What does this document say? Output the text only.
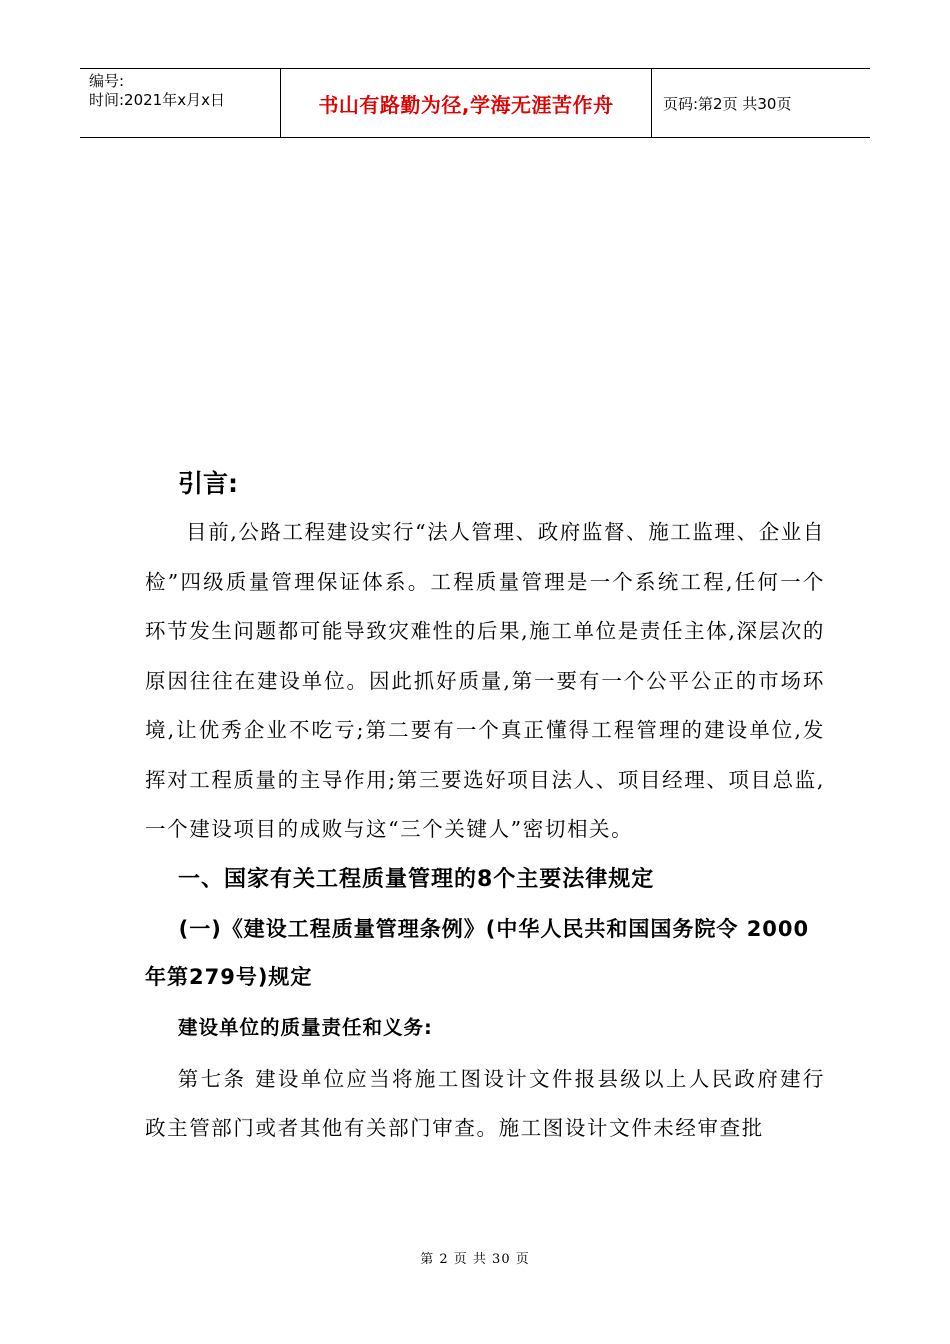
编号:
时间:2021年x月x日	书山有路勤为径,学海无涯苦作舟	页码:第2页 共30页
引言:

目前,公路工程建设实行“法人管理、政府监督、施工监理、企业自检”四级质量管理保证体系。工程质量管理是一个系统工程,任何一个环节发生问题都可能导致灾难性的后果,施工单位是责任主体,深层次的原因往往在建设单位。因此抓好质量,第一要有一个公平公正的市场环境,让优秀企业不吃亏;第二要有一个真正懂得工程管理的建设单位,发挥对工程质量的主导作用;第三要选好项目法人、项目经理、项目总监,一个建设项目的成败与这“三个关键人”密切相关。

一、国家有关工程质量管理的8个主要法律规定
(一)《建设工程质量管理条例》(中华人民共和国国务院令 2000年第279号)规定
建设单位的质量责任和义务:

第七条 建设单位应当将施工图设计文件报县级以上人民政府建行政主管部门或者其他有关部门审查。施工图设计文件未经审查批

第 2 页 共 30 页
